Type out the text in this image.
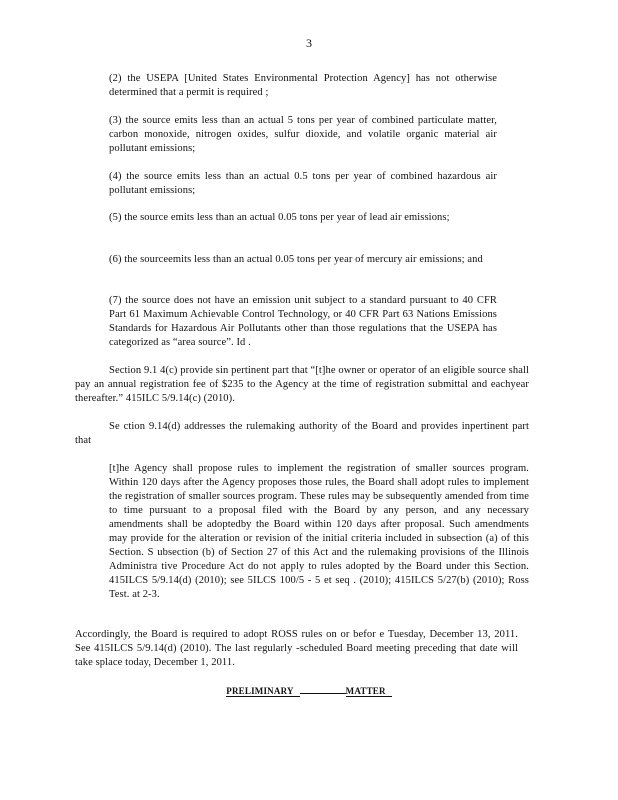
3
(2) the USEPA [United States Environmental Protection Agency] has not otherwise determined that a permit is required ;
(3) the source emits less than an actual 5 tons per year of combined particulate matter, carbon monoxide, nitrogen oxides, sulfur dioxide, and volatile organic material air pollutant emissions;
(4) the source emits less than an actual 0.5 tons per year of combined hazardous air pollutant emissions;
(5) the source emits less than an actual 0.05 tons per year of lead air emissions;
(6) the sourceemits less than an actual 0.05 tons per year of mercury air emissions; and
(7) the source does not have an emission unit subject to a standard pursuant to 40 CFR Part 61 Maximum Achievable Control Technology, or 40 CFR Part 63 Nations Emissions Standards for Hazardous Air Pollutants other than those regulations that the USEPA has categorized as “area source”. Id .
Section 9.1 4(c) provide sin pertinent part that “[t]he owner or operator of an eligible source shall pay an annual registration fee of $235 to the Agency at the time of registration submittal and eachyear thereafter.” 415ILC 5/9.14(c) (2010).
Se ction 9.14(d) addresses the rulemaking authority of the Board and provides inpertinent part that
[t]he Agency shall propose rules to implement the registration of smaller sources program. Within 120 days after the Agency proposes those rules, the Board shall adopt rules to implement the registration of smaller sources program. These rules may be subsequently amended from time to time pursuant to a proposal filed with the Board by any person, and any necessary amendments shall be adoptedby the Board within 120 days after proposal. Such amendments may provide for the alteration or revision of the initial criteria included in subsection (a) of this Section. S ubsection (b) of Section 27 of this Act and the rulemaking provisions of the Illinois Administra tive Procedure Act do not apply to rules adopted by the Board under this Section. 415ILCS 5/9.14(d) (2010); see 5ILCS 100/5 - 5 et seq . (2010); 415ILCS 5/27(b) (2010); Ross Test. at 2-3.
Accordingly, the Board is required to adopt ROSS rules on or befor e Tuesday, December 13, 2011. See 415ILCS 5/9.14(d) (2010). The last regularly -scheduled Board meeting preceding that date will take splace today, December 1, 2011.
PRELIMINARY	MATTER
